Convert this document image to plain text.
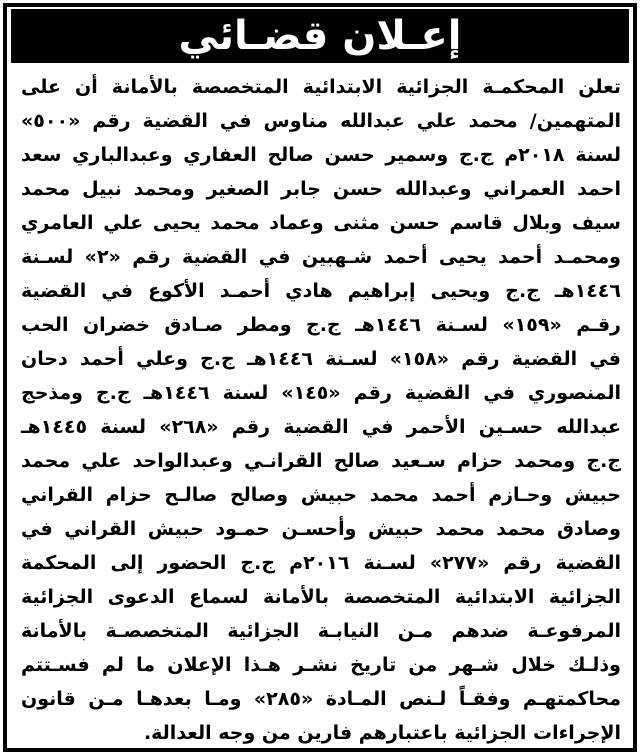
إعـلان قضـائي
تعلن المحكمـة الجزائية الابتدائية المتخصصة بالأمانة أن على
المتهمين/ محمد علي عبدالله مناوس في القضية رقم «٥٠٠»
لسنة ٢٠١٨م ج.ج وسمير حسن صالح العفاري وعبدالباري سعد
احمد العمراني وعبدالله حسن جابر الصغير ومحمد نبيل محمد
سيف وبلال قاسم حسن مثنى وعماد محمد يحيى علي العامري
ومحمـد أحمد يحيى أحمد شـهبين في القضية رقم «٢» لسـنة
١٤٤٦هـ ج.ج ويحيى إبراهيم هادي أحمـد الأكوع في القضية
رقـم «١٥٩» لسـنة ١٤٤٦هـ ج.ج ومطر صـادق خضران الحب
في القضية رقم «١٥٨» لسـنة ١٤٤٦هـ ج.ج وعلي أحمد دحان
المنصوري في القضية رقم «١٤٥» لسنة ١٤٤٦هـ ج.ج ومذحج
عبدالله حسـين الأحمر في القضية رقم «٢٦٨» لسنة ١٤٤٥هـ
ج.ج ومحمد حزام سـعيد صالح القرانـي وعبدالواحد علي محمد
حبيش وحـازم أحمد محمد حبيش وصالح صالـح حزام القراني
وصادق محمد محمد حبيش وأحسـن حمـود حبيش القراني في
القضية رقم «٢٧٧» لسـنة ٢٠١٦م ج.ج الحضور إلى المحكمة
الجزائية الابتدائية المتخصصة بالأمانة لسماع الدعوى الجزائية
المرفوعـة ضدهم مـن النيابـة الجزائية المتخصصـة بالأمانة
وذلـك خلال شـهر من تاريخ نشـر هـذا الإعلان ما لم فسـتتم
محاكمتهـم وفقـاً لـنص المـادة «٢٨٥» ومـا بعدهـا مـن قانون
الإجراءات الجزائية باعتبارهم فارين من وجه العدالة.
